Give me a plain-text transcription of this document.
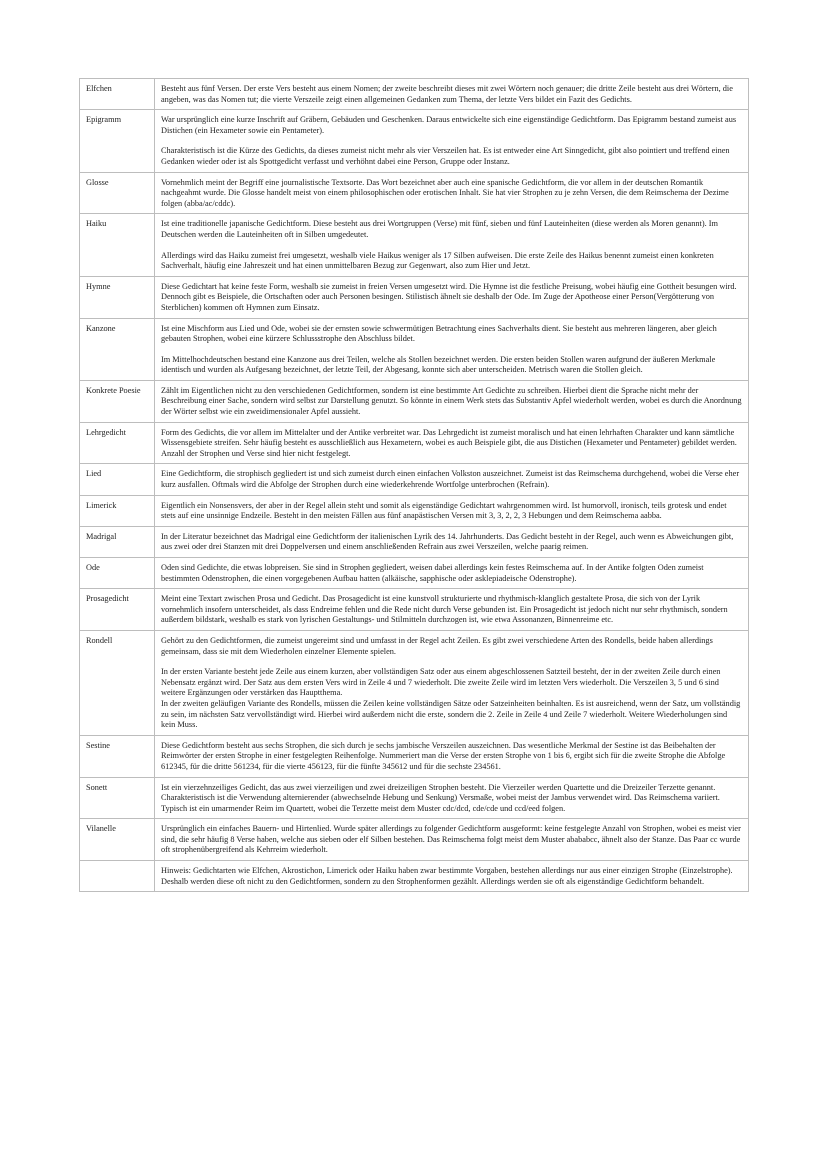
Elfchen	Besteht aus fünf Versen. Der erste Vers besteht aus einem Nomen; der zweite beschreibt dieses mit zwei Wörtern noch genauer; die dritte Zeile besteht aus drei Wörtern, die angeben, was das Nomen tut; die vierte Verszeile zeigt einen allgemeinen Gedanken zum Thema, der letzte Vers bildet ein Fazit des Gedichts.

Epigramm	War ursprünglich eine kurze Inschrift auf Gräbern, Gebäuden und Geschenken. Daraus entwickelte sich eine eigenständige Gedichtform. Das Epigramm bestand zumeist aus Distichen (ein Hexameter sowie ein Pentameter).

Charakteristisch ist die Kürze des Gedichts, da dieses zumeist nicht mehr als vier Verszeilen hat. Es ist entweder eine Art Sinngedicht, gibt also pointiert und treffend einen Gedanken wieder oder ist als Spottgedicht verfasst und verhöhnt dabei eine Person, Gruppe oder Instanz.

Glosse	Vornehmlich meint der Begriff eine journalistische Textsorte. Das Wort bezeichnet aber auch eine spanische Gedichtform, die vor allem in der deutschen Romantik nachgeahmt wurde. Die Glosse handelt meist von einem philosophischen oder erotischen Inhalt. Sie hat vier Strophen zu je zehn Versen, die dem Reimschema der Dezime folgen (abba/ac/cddc).

Haiku	Ist eine traditionelle japanische Gedichtform. Diese besteht aus drei Wortgruppen (Verse) mit fünf, sieben und fünf Lauteinheiten (diese werden als Moren genannt). Im Deutschen werden die Lauteinheiten oft in Silben umgedeutet.

Allerdings wird das Haiku zumeist frei umgesetzt, weshalb viele Haikus weniger als 17 Silben aufweisen. Die erste Zeile des Haikus benennt zumeist einen konkreten Sachverhalt, häufig eine Jahreszeit und hat einen unmittelbaren Bezug zur Gegenwart, also zum Hier und Jetzt.

Hymne	Diese Gedichtart hat keine feste Form, weshalb sie zumeist in freien Versen umgesetzt wird. Die Hymne ist die festliche Preisung, wobei häufig eine Gottheit besungen wird. Dennoch gibt es Beispiele, die Ortschaften oder auch Personen besingen. Stilistisch ähnelt sie deshalb der Ode. Im Zuge der Apotheose einer Person(Vergötterung von Sterblichen) kommen oft Hymnen zum Einsatz.

Kanzone	Ist eine Mischform aus Lied und Ode, wobei sie der ernsten sowie schwermütigen Betrachtung eines Sachverhalts dient. Sie besteht aus mehreren längeren, aber gleich gebauten Strophen, wobei eine kürzere Schlussstrophe den Abschluss bildet.

Im Mittelhochdeutschen bestand eine Kanzone aus drei Teilen, welche als Stollen bezeichnet werden. Die ersten beiden Stollen waren aufgrund der äußeren Merkmale identisch und wurden als Aufgesang bezeichnet, der letzte Teil, der Abgesang, konnte sich aber unterscheiden. Metrisch waren die Stollen gleich.

Konkrete Poesie	Zählt im Eigentlichen nicht zu den verschiedenen Gedichtformen, sondern ist eine bestimmte Art Gedichte zu schreiben. Hierbei dient die Sprache nicht mehr der Beschreibung einer Sache, sondern wird selbst zur Darstellung genutzt. So könnte in einem Werk stets das Substantiv Apfel wiederholt werden, wobei es durch die Anordnung der Wörter selbst wie ein zweidimensionaler Apfel aussieht.

Lehrgedicht	Form des Gedichts, die vor allem im Mittelalter und der Antike verbreitet war. Das Lehrgedicht ist zumeist moralisch und hat einen lehrhaften Charakter und kann sämtliche Wissensgebiete streifen. Sehr häufig besteht es ausschließlich aus Hexametern, wobei es auch Beispiele gibt, die aus Distichen (Hexameter und Pentameter) gebildet werden. Anzahl der Strophen und Verse sind hier nicht festgelegt.

Lied	Eine Gedichtform, die strophisch gegliedert ist und sich zumeist durch einen einfachen Volkston auszeichnet. Zumeist ist das Reimschema durchgehend, wobei die Verse eher kurz ausfallen. Oftmals wird die Abfolge der Strophen durch eine wiederkehrende Wortfolge unterbrochen (Refrain).

Limerick	Eigentlich ein Nonsensvers, der aber in der Regel allein steht und somit als eigenständige Gedichtart wahrgenommen wird. Ist humorvoll, ironisch, teils grotesk und endet stets auf eine unsinnige Endzeile. Besteht in den meisten Fällen aus fünf anapästischen Versen mit 3, 3, 2, 2, 3 Hebungen und dem Reimschema aabba.

Madrigal	In der Literatur bezeichnet das Madrigal eine Gedichtform der italienischen Lyrik des 14. Jahrhunderts. Das Gedicht besteht in der Regel, auch wenn es Abweichungen gibt, aus zwei oder drei Stanzen mit drei Doppelversen und einem anschließenden Refrain aus zwei Verszeilen, welche paarig reimen.

Ode	Oden sind Gedichte, die etwas lobpreisen. Sie sind in Strophen gegliedert, weisen dabei allerdings kein festes Reimschema auf. In der Antike folgten Oden zumeist bestimmten Odenstrophen, die einen vorgegebenen Aufbau hatten (alkäische, sapphische oder asklepiadeische Odenstrophe).

Prosagedicht	Meint eine Textart zwischen Prosa und Gedicht. Das Prosagedicht ist eine kunstvoll strukturierte und rhythmisch-klanglich gestaltete Prosa, die sich von der Lyrik vornehmlich insofern unterscheidet, als dass Endreime fehlen und die Rede nicht durch Verse gebunden ist. Ein Prosagedicht ist jedoch nicht nur sehr rhythmisch, sondern außerdem bildstark, weshalb es stark von lyrischen Gestaltungs- und Stilmitteln durchzogen ist, wie etwa Assonanzen, Binnenreime etc.

Rondell	Gehört zu den Gedichtformen, die zumeist ungereimt sind und umfasst in der Regel acht Zeilen. Es gibt zwei verschiedene Arten des Rondells, beide haben allerdings gemeinsam, dass sie mit dem Wiederholen einzelner Elemente spielen.

In der ersten Variante besteht jede Zeile aus einem kurzen, aber vollständigen Satz oder aus einem abgeschlossenen Satzteil besteht, der in der zweiten Zeile durch einen Nebensatz ergänzt wird. Der Satz aus dem ersten Vers wird in Zeile 4 und 7 wiederholt. Die zweite Zeile wird im letzten Vers wiederholt. Die Verszeilen 3, 5 und 6 sind weitere Ergänzungen oder verstärken das Hauptthema.
In der zweiten geläufigen Variante des Rondells, müssen die Zeilen keine vollständigen Sätze oder Satzeinheiten beinhalten. Es ist ausreichend, wenn der Satz, um vollständig zu sein, im nächsten Satz vervollständigt wird. Hierbei wird außerdem nicht die erste, sondern die 2. Zeile in Zeile 4 und Zeile 7 wiederholt. Weitere Wiederholungen sind kein Muss.

Sestine	Diese Gedichtform besteht aus sechs Strophen, die sich durch je sechs jambische Verszeilen auszeichnen. Das wesentliche Merkmal der Sestine ist das Beibehalten der Reimwörter der ersten Strophe in einer festgelegten Reihenfolge. Nummeriert man die Verse der ersten Strophe von 1 bis 6, ergibt sich für die zweite Strophe die Abfolge 612345, für die dritte 561234, für die vierte 456123, für die fünfte 345612 und für die sechste 234561.

Sonett	Ist ein vierzehnzeiliges Gedicht, das aus zwei vierzeiligen und zwei dreizeiligen Strophen besteht. Die Vierzeiler werden Quartette und die Dreizeiler Terzette genannt. Charakteristisch ist die Verwendung alternierender (abwechselnde Hebung und Senkung) Versmaße, wobei meist der Jambus verwendet wird. Das Reimschema variiert. Typisch ist ein umarmender Reim im Quartett, wobei die Terzette meist dem Muster cdc/dcd, cde/cde und ccd/eed folgen.

Vilanelle	Ursprünglich ein einfaches Bauern- und Hirtenlied. Wurde später allerdings zu folgender Gedichtform ausgeformt: keine festgelegte Anzahl von Strophen, wobei es meist vier sind, die sehr häufig 8 Verse haben, welche aus sieben oder elf Silben bestehen. Das Reimschema folgt meist dem Muster abababcc, ähnelt also der Stanze. Das Paar cc wurde oft strophenübergreifend als Kehrreim wiederholt.

	Hinweis: Gedichtarten wie Elfchen, Akrostichon, Limerick oder Haiku haben zwar bestimmte Vorgaben, bestehen allerdings nur aus einer einzigen Strophe (Einzelstrophe). Deshalb werden diese oft nicht zu den Gedichtformen, sondern zu den Strophenformen gezählt. Allerdings werden sie oft als eigenständige Gedichtform behandelt.
